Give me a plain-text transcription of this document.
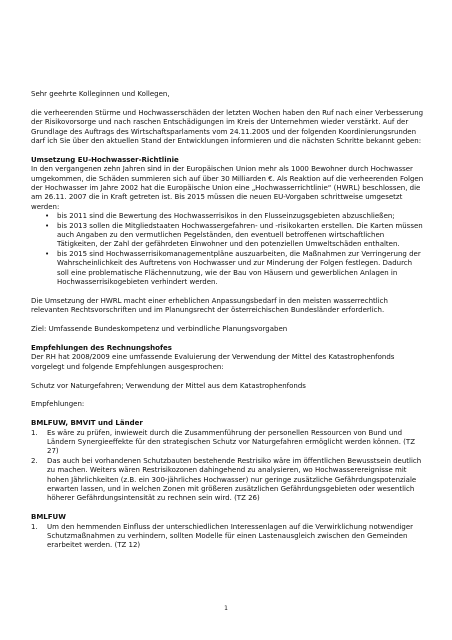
Sehr geehrte Kolleginnen und Kollegen,

die verheerenden Stürme und Hochwasserschäden der letzten Wochen haben den Ruf nach einer Verbesserung der Risikovorsorge und nach raschen Entschädigungen im Kreis der Unternehmen wieder verstärkt. Auf der Grundlage des Auftrags des Wirtschaftsparlaments vom 24.11.2005 und der folgenden Koordinierungsrunden darf ich Sie über den aktuellen Stand der Entwicklungen informieren und die nächsten Schritte bekannt geben:

Umsetzung EU-Hochwasser-Richtlinie

In den vergangenen zehn Jahren sind in der Europäischen Union mehr als 1000 Bewohner durch Hochwasser umgekommen, die Schäden summieren sich auf über 30 Milliarden €. Als Reaktion auf die verheerenden Folgen der Hochwasser im Jahre 2002 hat die Europäische Union eine „Hochwasserrichtlinie“ (HWRL) beschlossen, die am 26.11. 2007 die in Kraft getreten ist. Bis 2015 müssen die neuen EU-Vorgaben schrittweise umgesetzt werden:

• bis 2011 sind die Bewertung des Hochwasserrisikos in den Flusseinzugsgebieten abzuschließen;
• bis 2013 sollen die Mitgliedstaaten Hochwassergefahren- und -risikokarten erstellen. Die Karten müssen auch Angaben zu den vermutlichen Pegelständen, den eventuell betroffenen wirtschaftlichen Tätigkeiten, der Zahl der gefährdeten Einwohner und den potenziellen Umweltschäden enthalten.
• bis 2015 sind Hochwasserrisikomanagementpläne auszuarbeiten, die Maßnahmen zur Verringerung der Wahrscheinlichkeit des Auftretens von Hochwasser und zur Minderung der Folgen festlegen. Dadurch soll eine problematische Flächennutzung, wie der Bau von Häusern und gewerblichen Anlagen in Hochwasserrisikogebieten verhindert werden.

Die Umsetzung der HWRL macht einer erheblichen Anpassungsbedarf in den meisten wasserrechtlich relevanten Rechtsvorschriften und im Planungsrecht der österreichischen Bundesländer erforderlich.

Ziel: Umfassende Bundeskompetenz und verbindliche Planungsvorgaben

Empfehlungen des Rechnungshofes

Der RH hat 2008/2009 eine umfassende Evaluierung der Verwendung der Mittel des Katastrophenfonds vorgelegt und folgende Empfehlungen ausgesprochen:

Schutz vor Naturgefahren; Verwendung der Mittel aus dem Katastrophenfonds

Empfehlungen:

BMLFUW, BMVIT und Länder

1. Es wäre zu prüfen, inwieweit durch die Zusammenführung der personellen Ressourcen von Bund und Ländern Synergieeffekte für den strategischen Schutz vor Naturgefahren ermöglicht werden können. (TZ 27)
2. Das auch bei vorhandenen Schutzbauten bestehende Restrisiko wäre im öffentlichen Bewusstsein deutlich zu machen. Weiters wären Restrisikozonen dahingehend zu analysieren, wo Hochwasserereignisse mit hohen Jährlichkeiten (z.B. ein 300-jährliches Hochwasser) nur geringe zusätzliche Gefährdungspotenziale erwarten lassen, und in welchen Zonen mit größeren zusätzlichen Gefährdungsgebieten oder wesentlich höherer Gefährdungsintensität zu rechnen sein wird. (TZ 26)

BMLFUW

1. Um den hemmenden Einfluss der unterschiedlichen Interessenlagen auf die Verwirklichung notwendiger Schutzmaßnahmen zu verhindern, sollten Modelle für einen Lastenausgleich zwischen den Gemeinden erarbeitet werden. (TZ 12)
1
